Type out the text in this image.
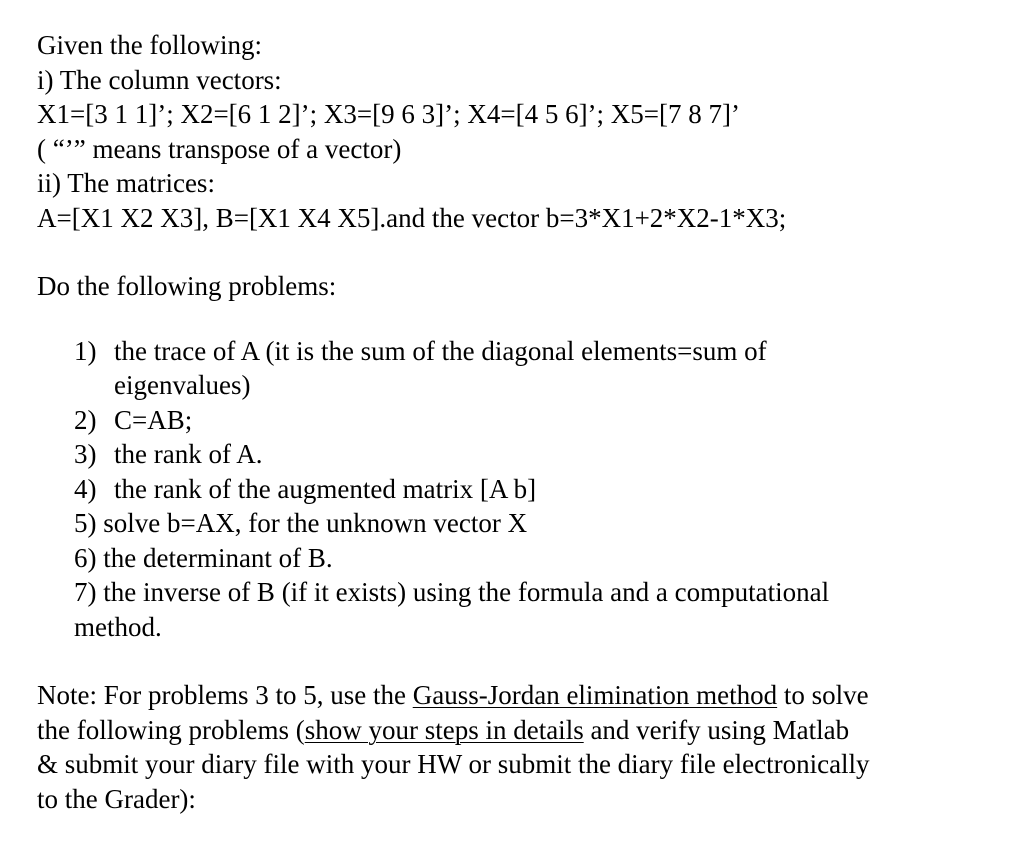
Given the following:
i) The column vectors:
X1=[3 1 1]’; X2=[6 1 2]’; X3=[9 6 3]’; X4=[4 5 6]’; X5=[7 8 7]’
( “’” means transpose of a vector)
ii) The matrices:
A=[X1 X2 X3], B=[X1 X4 X5].and the vector b=3*X1+2*X2-1*X3;
Do the following problems:
1) the trace of A (it is the sum of the diagonal elements=sum of
eigenvalues)
2) C=AB;
3) the rank of A.
4) the rank of the augmented matrix [A b]
5) solve b=AX, for the unknown vector X
6) the determinant of B.
7) the inverse of B (if it exists) using the formula and a computational
method.
Note: For problems 3 to 5, use the Gauss-Jordan elimination method to solve
the following problems (show your steps in details and verify using Matlab
& submit your diary file with your HW or submit the diary file electronically
to the Grader):
